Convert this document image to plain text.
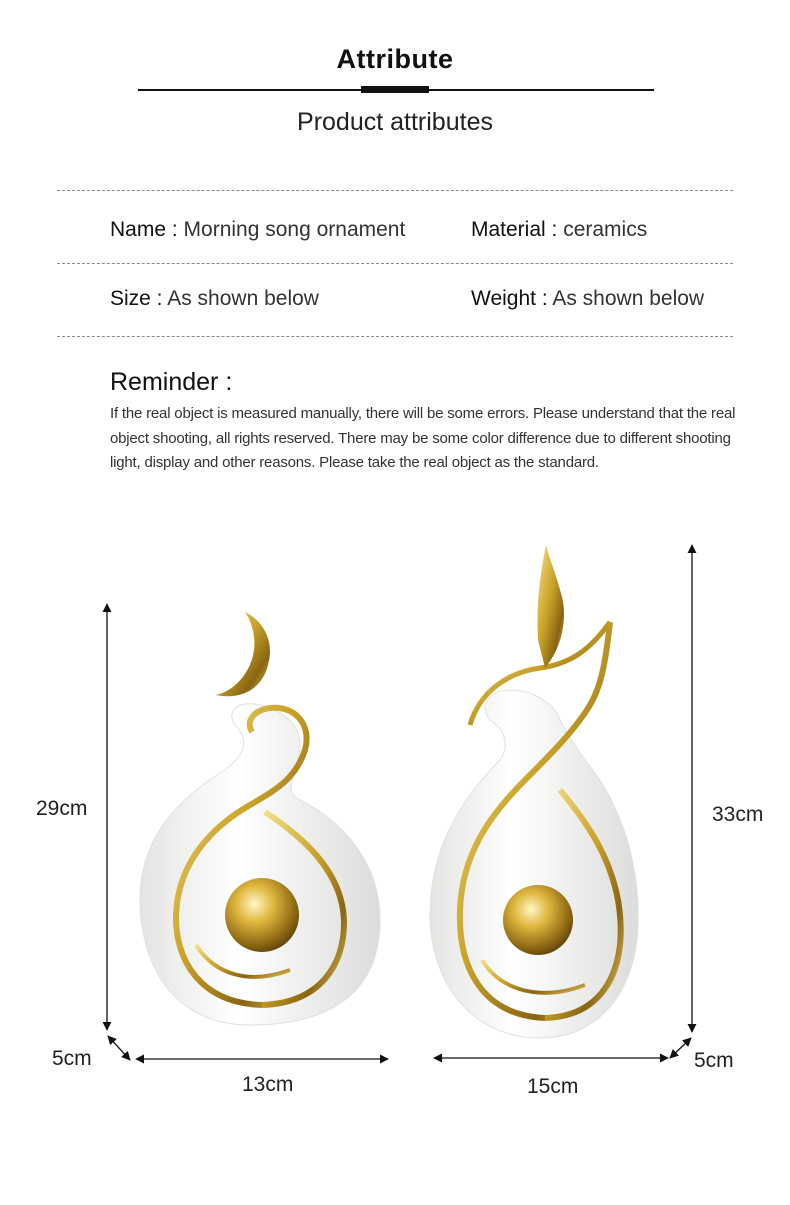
Attribute
Product attributes
Name : Morning song ornament	Material : ceramics
Size : As shown below	Weight : As shown below
Reminder :
If the real object is measured manually, there will be some errors. Please understand that the real object shooting, all rights reserved. There may be some color difference due to different shooting light, display and other reasons. Please take the real object as the standard.
29cm
5cm
13cm
33cm
5cm
15cm
